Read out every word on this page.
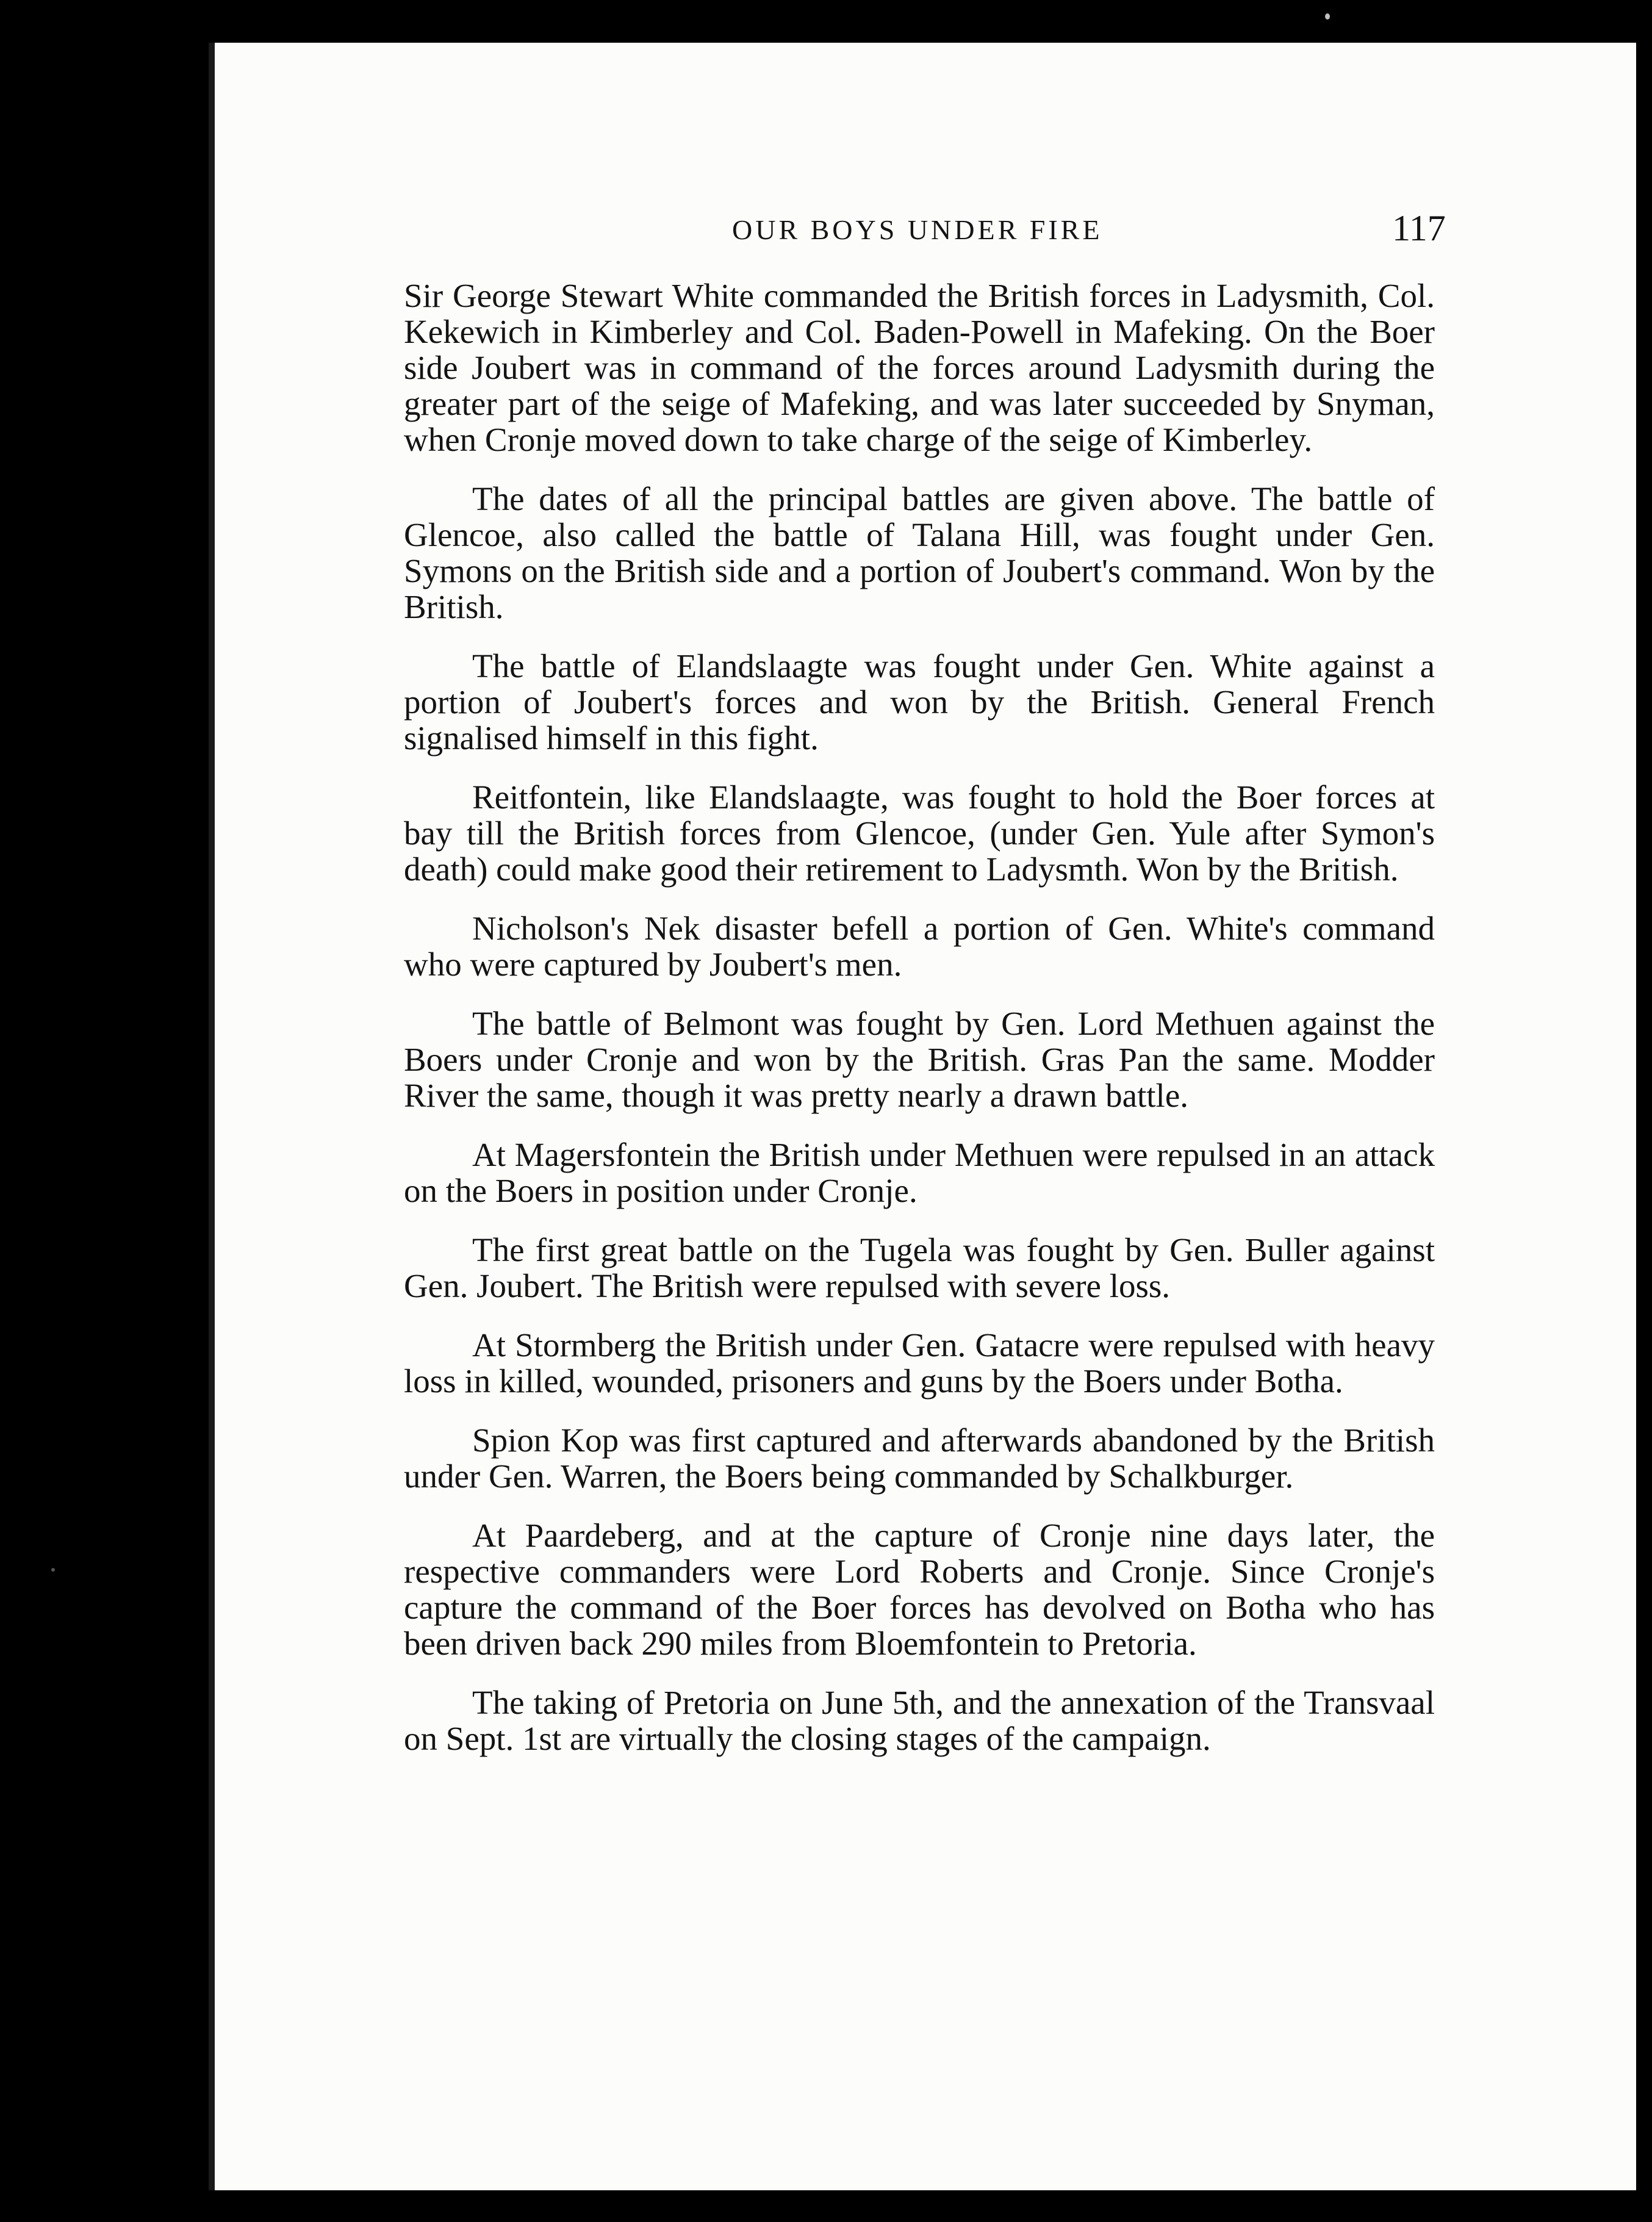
OUR BOYS UNDER FIRE	117

Sir George Stewart White commanded the British forces in Ladysmith, Col. Kekewich in Kimberley and Col. Baden-Powell in Mafeking. On the Boer side Joubert was in command of the forces around Ladysmith during the greater part of the seige of Mafeking, and was later succeeded by Snyman, when Cronje moved down to take charge of the seige of Kimberley.

The dates of all the principal battles are given above. The battle of Glencoe, also called the battle of Talana Hill, was fought under Gen. Symons on the British side and a portion of Joubert's command. Won by the British.

The battle of Elandslaagte was fought under Gen. White against a portion of Joubert's forces and won by the British. General French signalised himself in this fight.

Reitfontein, like Elandslaagte, was fought to hold the Boer forces at bay till the British forces from Glencoe, (under Gen. Yule after Symon's death) could make good their retirement to Ladysmth. Won by the British.

Nicholson's Nek disaster befell a portion of Gen. White's command who were captured by Joubert's men.

The battle of Belmont was fought by Gen. Lord Methuen against the Boers under Cronje and won by the British. Gras Pan the same. Modder River the same, though it was pretty nearly a drawn battle.

At Magersfontein the British under Methuen were repulsed in an attack on the Boers in position under Cronje.

The first great battle on the Tugela was fought by Gen. Buller against Gen. Joubert. The British were repulsed with severe loss.

At Stormberg the British under Gen. Gatacre were repulsed with heavy loss in killed, wounded, prisoners and guns by the Boers under Botha.

Spion Kop was first captured and afterwards abandoned by the British under Gen. Warren, the Boers being commanded by Schalkburger.

At Paardeberg, and at the capture of Cronje nine days later, the respective commanders were Lord Roberts and Cronje. Since Cronje's capture the command of the Boer forces has devolved on Botha who has been driven back 290 miles from Bloemfontein to Pretoria.

The taking of Pretoria on June 5th, and the annexation of the Transvaal on Sept. 1st are virtually the closing stages of the campaign.
